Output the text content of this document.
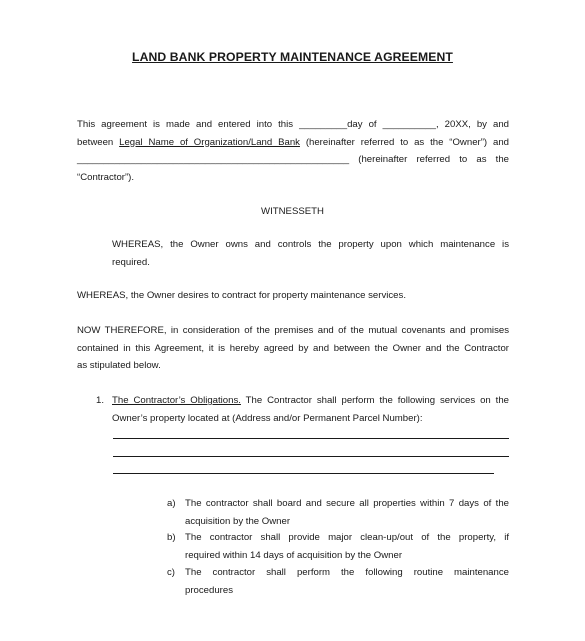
LAND BANK PROPERTY MAINTENANCE AGREEMENT
This agreement is made and entered into this _________day of __________, 20XX, by and
between Legal Name of Organization/Land Bank (hereinafter referred to as the “Owner”) and
___________________________________________________ (hereinafter referred to as the
“Contractor”).
WITNESSETH
WHEREAS, the Owner owns and controls the property upon which maintenance is
required.
WHEREAS, the Owner desires to contract for property maintenance services.
NOW THEREFORE, in consideration of the premises and of the mutual covenants and promises
contained in this Agreement, it is hereby agreed by and between the Owner and the Contractor
as stipulated below.
1. The Contractor’s Obligations. The Contractor shall perform the following services on the
Owner’s property located at (Address and/or Permanent Parcel Number):
a) The contractor shall board and secure all properties within 7 days of the
acquisition by the Owner
b) The contractor shall provide major clean-up/out of the property, if
required within 14 days of acquisition by the Owner
c) The contractor shall perform the following routine maintenance
procedures
